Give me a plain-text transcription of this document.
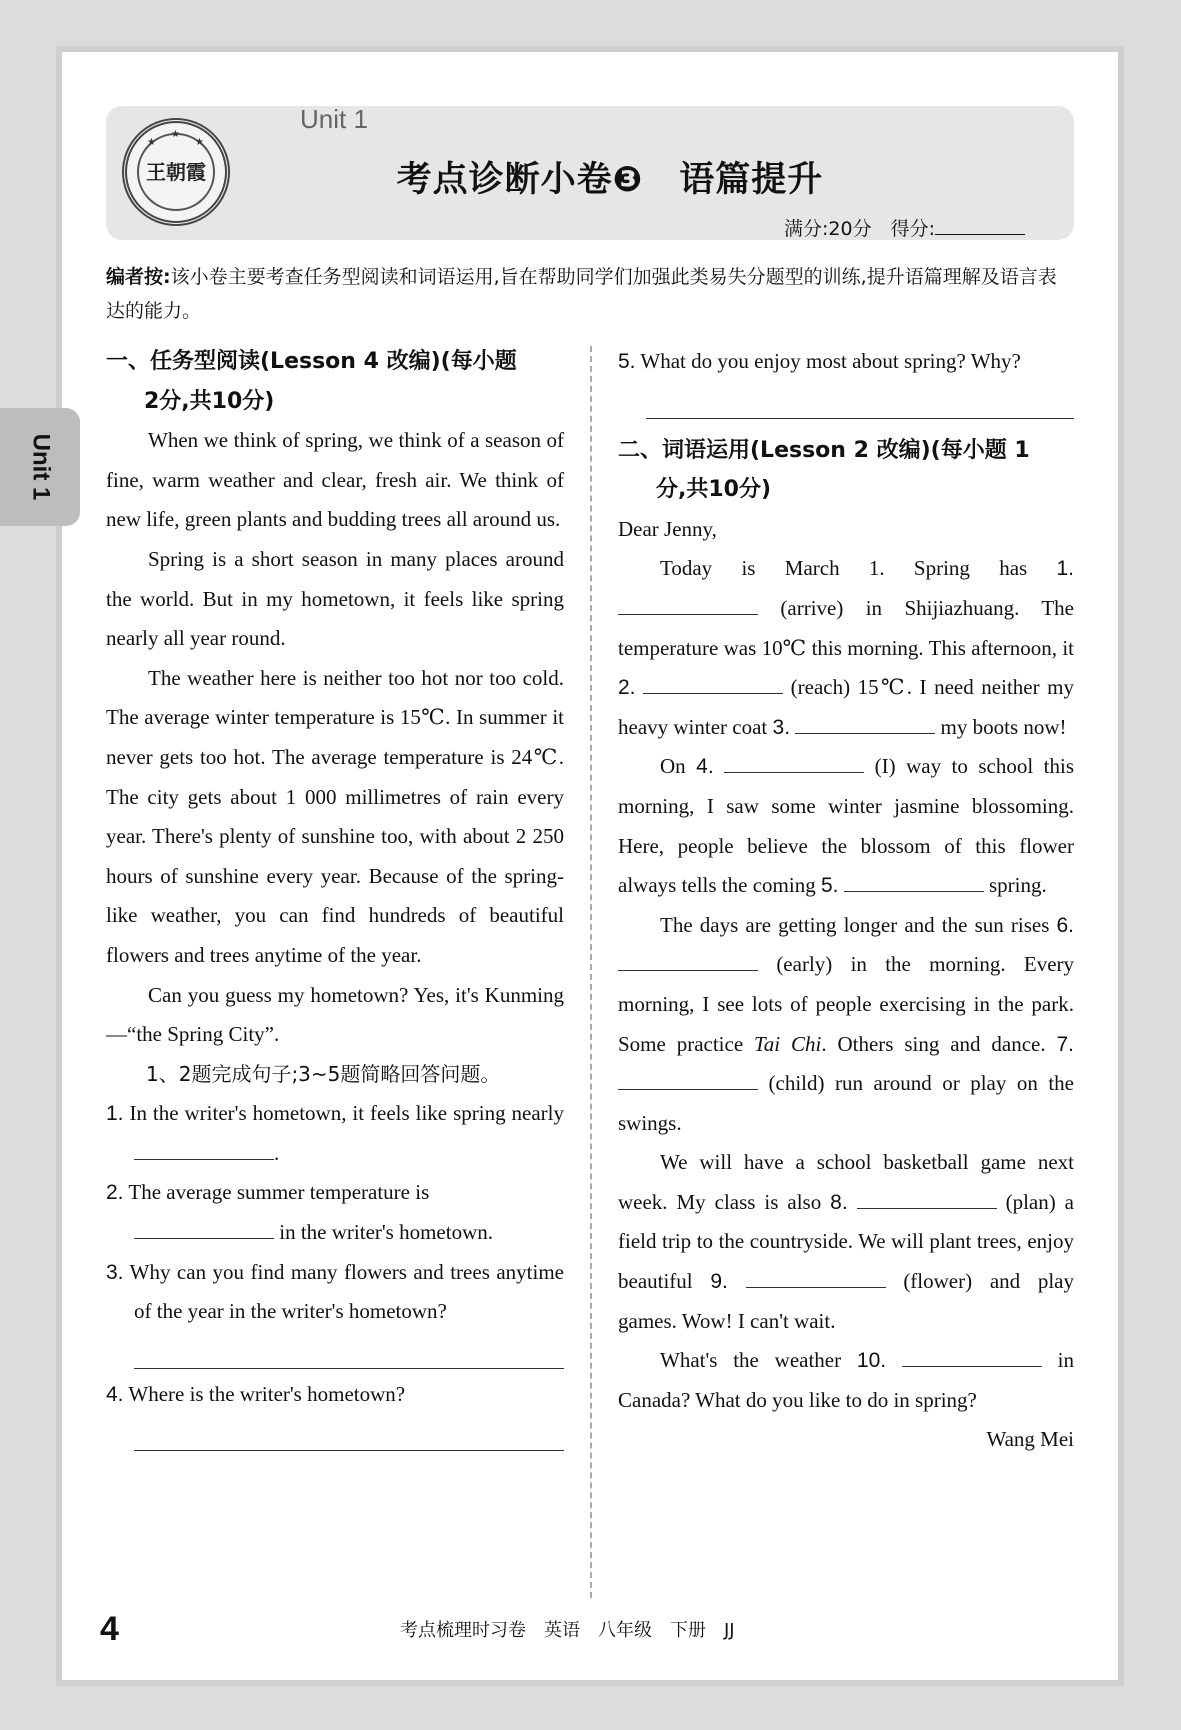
Unit 1
王朝霞
★
★
★
Unit 1
考点诊断小卷❸　语篇提升
满分:20分　得分:
编者按:该小卷主要考查任务型阅读和词语运用,旨在帮助同学们加强此类易失分题型的训练,提升语篇理解及语言表达的能力。
一、任务型阅读(Lesson 4 改编)(每小题
2分,共10分)

When we think of spring, we think of a season of fine, warm weather and clear, fresh air. We think of new life, green plants and budding trees all around us.

Spring is a short season in many places around the world. But in my hometown, it feels like spring nearly all year round.

The weather here is neither too hot nor too cold. The average winter temperature is 15℃. In summer it never gets too hot. The average temperature is 24℃. The city gets about 1 000 millimetres of rain every year. There's plenty of sunshine too, with about 2 250 hours of sunshine every year. Because of the spring-like weather, you can find hundreds of beautiful flowers and trees anytime of the year.

Can you guess my hometown? Yes, it's Kunming—“the Spring City”.

1、2题完成句子;3~5题简略回答问题。

1. In the writer's hometown, it feels like spring nearly .

2. The average summer temperature is
in the writer's hometown.

3. Why can you find many flowers and trees anytime of the year in the writer's hometown?

4. Where is the writer's hometown?

5. What do you enjoy most about spring? Why?

二、词语运用(Lesson 2 改编)(每小题 1
分,共10分)

Dear Jenny,

Today is March 1. Spring has 1.  (arrive) in Shijiazhuang. The temperature was 10℃ this morning. This afternoon, it 2.	(reach) 15℃. I need neither my heavy winter coat 3.	my boots now!

On 4.	(I) way to school this morning, I saw some winter jasmine blossoming. Here, people believe the blossom of this flower always tells the coming 5.	spring.

The days are getting longer and the sun rises 6.  (early) in the morning. Every morning, I see lots of people exercising in the park. Some practice Tai Chi. Others sing and dance. 7.  (child) run around or play on the swings.

We will have a school basketball game next week. My class is also 8.	(plan) a field trip to the countryside. We will plant trees, enjoy beautiful 9.	(flower) and play games. Wow! I can't wait.

What's the weather 10.	in Canada? What do you like to do in spring?

Wang Mei

4	考点梳理时习卷　英语　八年级　下册　JJ
